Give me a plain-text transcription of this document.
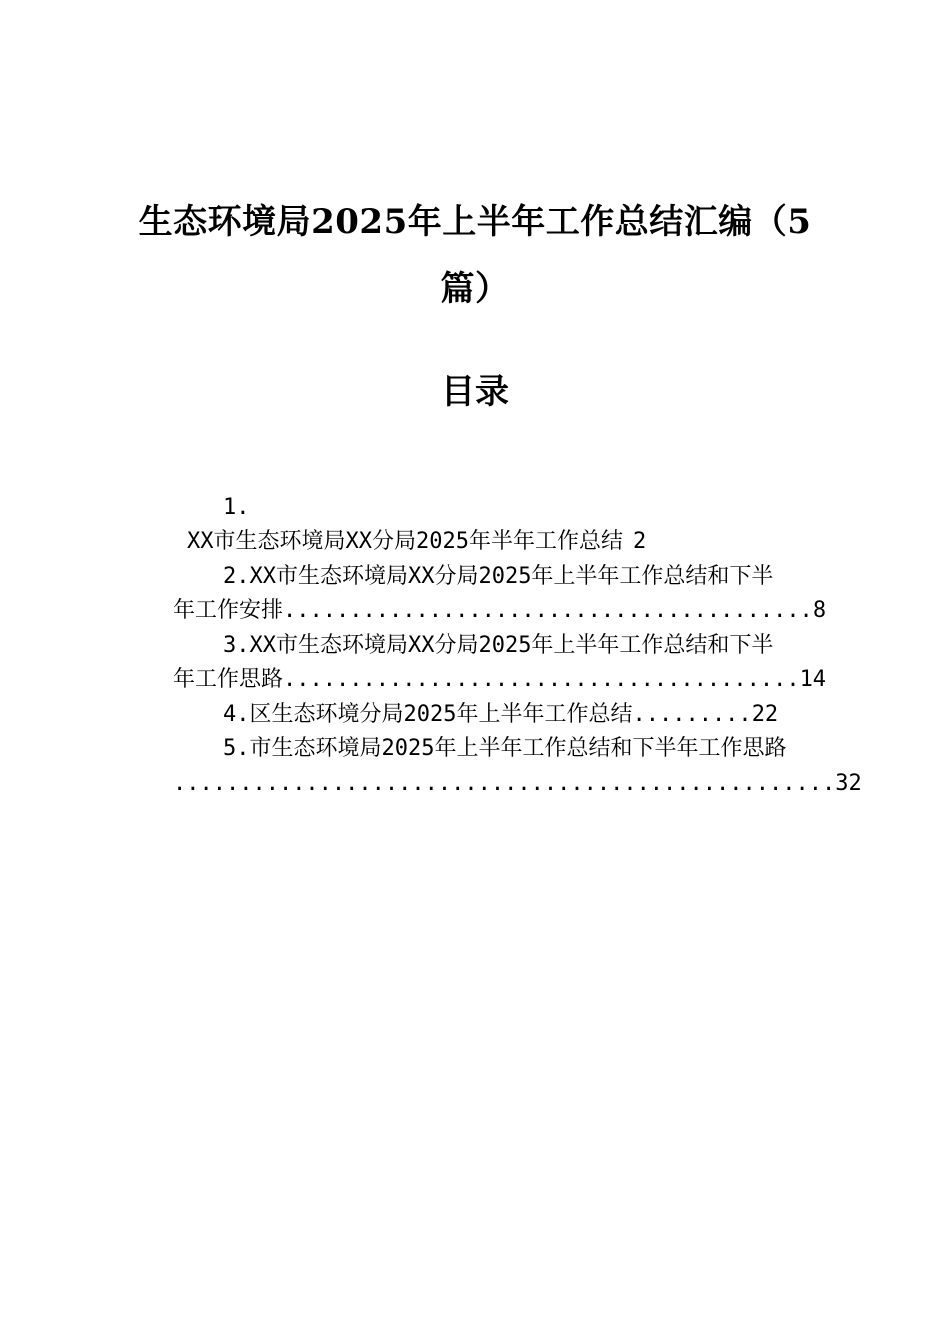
生态环境局2025年上半年工作总结汇编（5
篇）
目录

1.

XX市生态环境局XX分局2025年半年工作总结 2

2.XX市生态环境局XX分局2025年上半年工作总结和下半

年工作安排........................................8

3.XX市生态环境局XX分局2025年上半年工作总结和下半

年工作思路.......................................14

4.区生态环境分局2025年上半年工作总结.........22

5.市生态环境局2025年上半年工作总结和下半年工作思路

..................................................32
